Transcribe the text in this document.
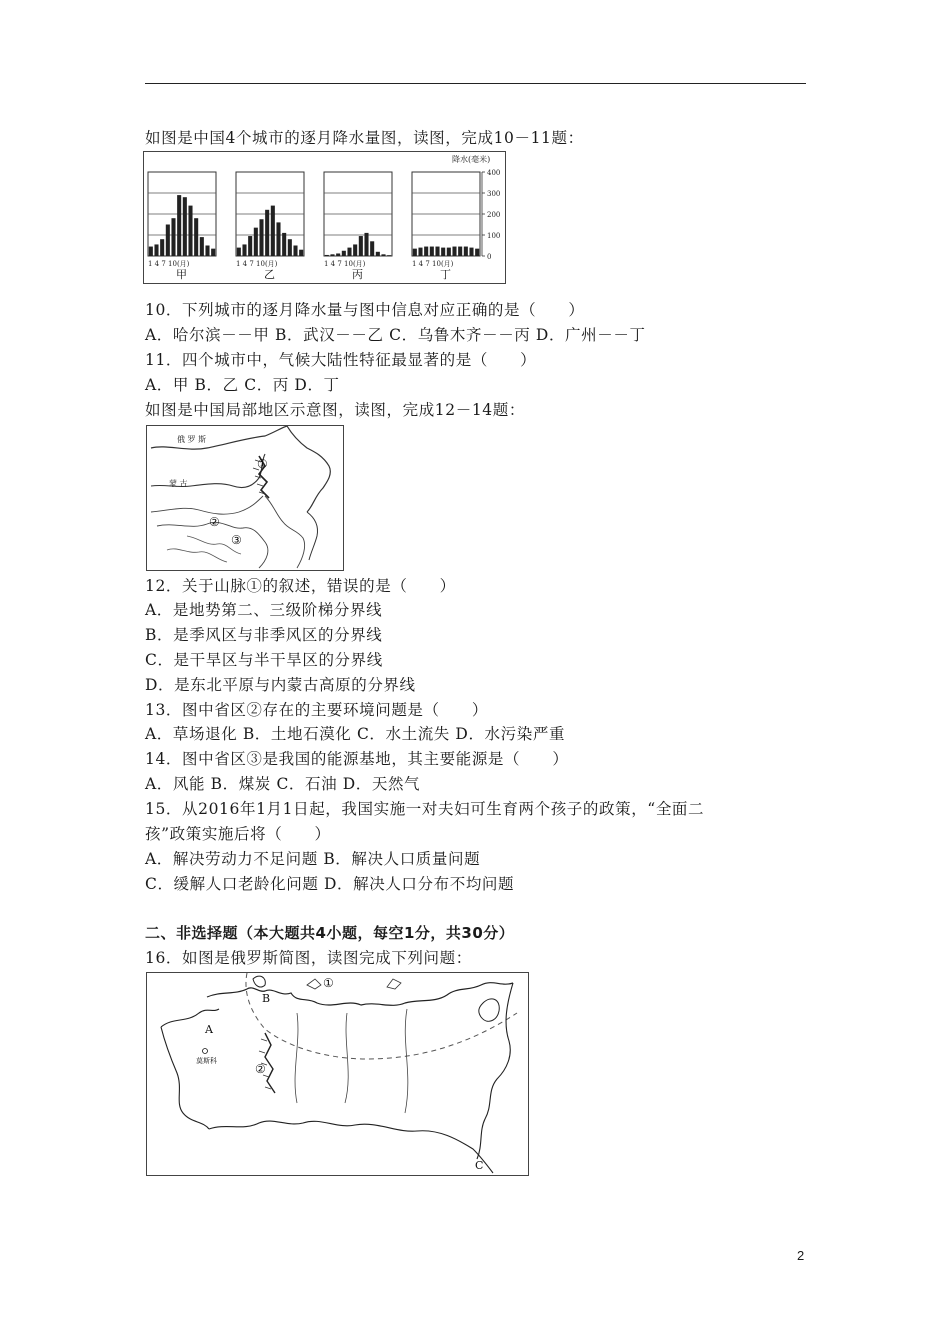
如图是中国4个城市的逐月降水量图，读图，完成10－11题：
1 4 7 10(月)
甲
1 4 7 10(月)
乙
1 4 7 10(月)
丙
1 4 7 10(月)
丁
降水(毫米)
400
300
200
100
0
10．下列城市的逐月降水量与图中信息对应正确的是（　　）
A．哈尔滨－－甲 B．武汉－－乙 C．乌鲁木齐－－丙 D．广州－－丁
11．四个城市中，气候大陆性特征最显著的是（　　）
A．甲 B．乙 C．丙 D．丁
如图是中国局部地区示意图，读图，完成12－14题：
俄 罗 斯
蒙 古
①
②
③
12．关于山脉①的叙述，错误的是（　　）
A．是地势第二、三级阶梯分界线
B．是季风区与非季风区的分界线
C．是干旱区与半干旱区的分界线
D．是东北平原与内蒙古高原的分界线
13．图中省区②存在的主要环境问题是（　　）
A．草场退化 B．土地石漠化 C．水土流失 D．水污染严重
14．图中省区③是我国的能源基地，其主要能源是（　　）
A．风能 B．煤炭 C．石油 D．天然气
15．从2016年1月1日起，我国实施一对夫妇可生育两个孩子的政策，“全面二
孩”政策实施后将（　　）
A．解决劳动力不足问题 B．解决人口质量问题
C．缓解人口老龄化问题 D．解决人口分布不均问题
二、非选择题（本大题共4小题，每空1分，共30分）
16．如图是俄罗斯简图，读图完成下列问题：
B
A
莫斯科
①
②
C
2
